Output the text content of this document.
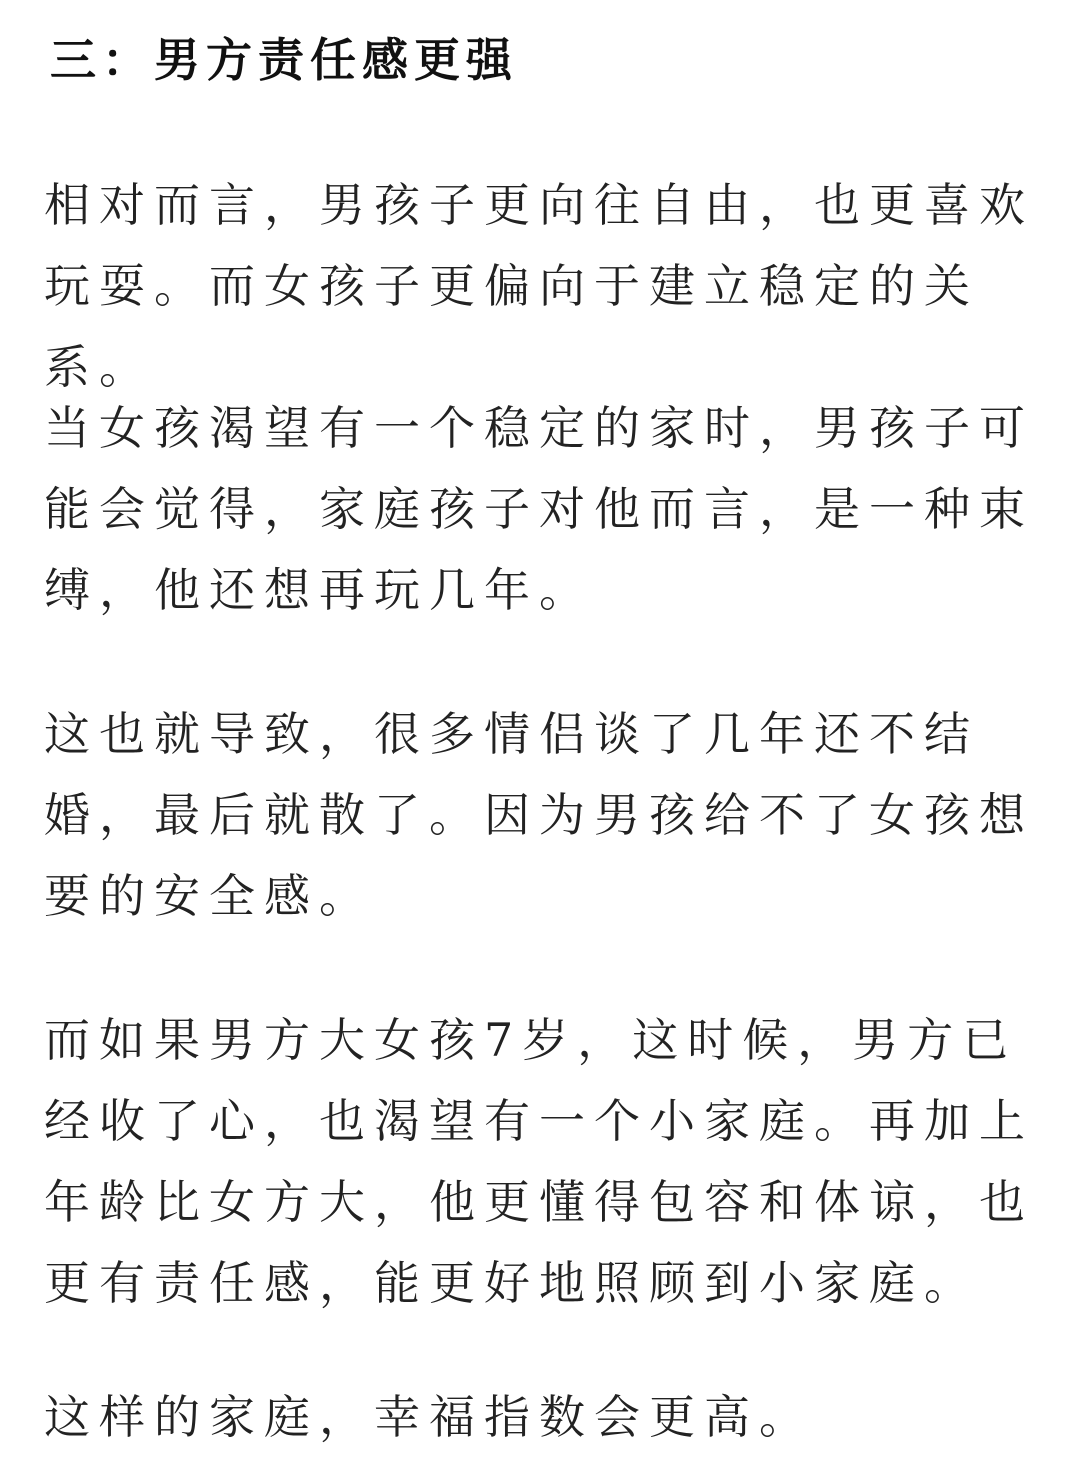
三：男方责任感更强

相对而言，男孩子更向往自由，也更喜欢玩耍。而女孩子更偏向于建立稳定的关系。

当女孩渴望有一个稳定的家时，男孩子可能会觉得，家庭孩子对他而言，是一种束缚，他还想再玩几年。

这也就导致，很多情侣谈了几年还不结婚，最后就散了。因为男孩给不了女孩想要的安全感。

而如果男方大女孩7岁，这时候，男方已经收了心，也渴望有一个小家庭。再加上年龄比女方大，他更懂得包容和体谅，也更有责任感，能更好地照顾到小家庭。

这样的家庭，幸福指数会更高。
